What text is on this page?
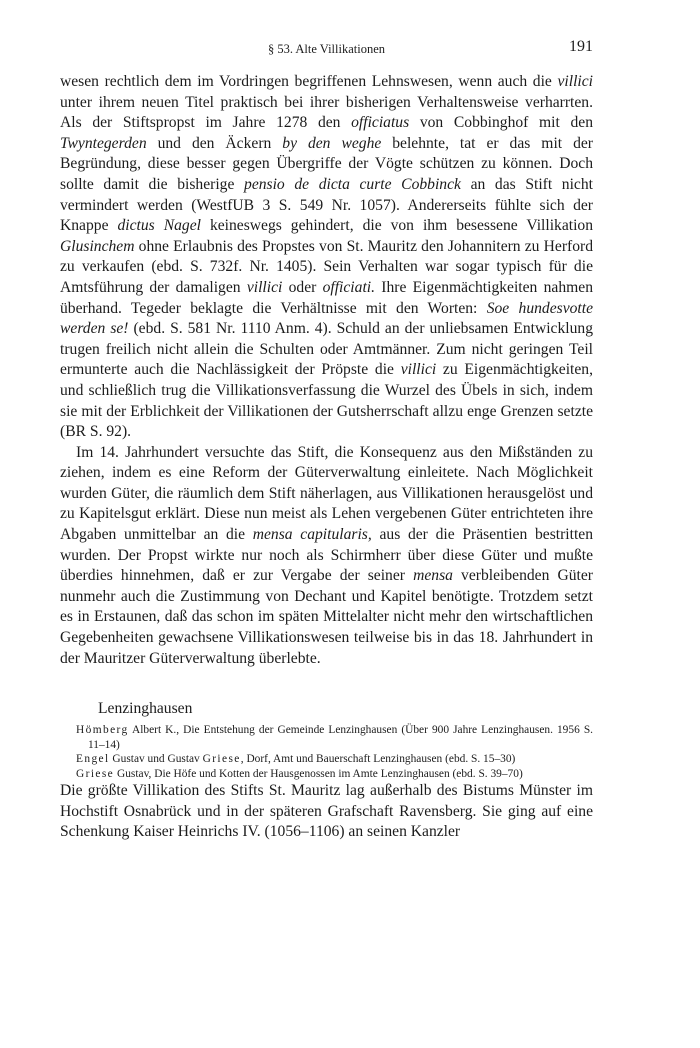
§ 53. Alte Villikationen	191

wesen rechtlich dem im Vordringen begriffenen Lehnswesen, wenn auch die villici unter ihrem neuen Titel praktisch bei ihrer bisherigen Verhaltensweise verharrten. Als der Stiftspropst im Jahre 1278 den officiatus von Cobbinghof mit den Twyntegerden und den Äckern by den weghe belehnte, tat er das mit der Begründung, diese besser gegen Übergriffe der Vögte schützen zu können. Doch sollte damit die bisherige pensio de dicta curte Cobbinck an das Stift nicht vermindert werden (WestfUB 3 S. 549 Nr. 1057). Andererseits fühlte sich der Knappe dictus Nagel keineswegs gehindert, die von ihm besessene Villikation Glusinchem ohne Erlaubnis des Propstes von St. Mauritz den Johannitern zu Herford zu verkaufen (ebd. S. 732f. Nr. 1405). Sein Verhalten war sogar typisch für die Amtsführung der damaligen villici oder officiati. Ihre Eigenmächtigkeiten nahmen überhand. Tegeder beklagte die Verhältnisse mit den Worten: Soe hundesvotte werden se! (ebd. S. 581 Nr. 1110 Anm. 4). Schuld an der unliebsamen Entwicklung trugen freilich nicht allein die Schulten oder Amtmänner. Zum nicht geringen Teil ermunterte auch die Nachlässigkeit der Pröpste die villici zu Eigenmächtigkeiten, und schließlich trug die Villikationsverfassung die Wurzel des Übels in sich, indem sie mit der Erblichkeit der Villikationen der Gutsherrschaft allzu enge Grenzen setzte (BR S. 92).

Im 14. Jahrhundert versuchte das Stift, die Konsequenz aus den Mißständen zu ziehen, indem es eine Reform der Güterverwaltung einleitete. Nach Möglichkeit wurden Güter, die räumlich dem Stift näherlagen, aus Villikationen herausgelöst und zu Kapitelsgut erklärt. Diese nun meist als Lehen vergebenen Güter entrichteten ihre Abgaben unmittelbar an die mensa capitularis, aus der die Präsentien bestritten wurden. Der Propst wirkte nur noch als Schirmherr über diese Güter und mußte überdies hinnehmen, daß er zur Vergabe der seiner mensa verbleibenden Güter nunmehr auch die Zustimmung von Dechant und Kapitel benötigte. Trotzdem setzt es in Erstaunen, daß das schon im späten Mittelalter nicht mehr den wirtschaftlichen Gegebenheiten gewachsene Villikationswesen teilweise bis in das 18. Jahrhundert in der Mauritzer Güterverwaltung überlebte.

Lenzinghausen
Hömberg Albert K., Die Entstehung der Gemeinde Lenzinghausen (Über 900 Jahre Lenzinghausen. 1956 S. 11–14)
Engel Gustav und Gustav Griese, Dorf, Amt und Bauerschaft Lenzinghausen (ebd. S. 15–30)
Griese Gustav, Die Höfe und Kotten der Hausgenossen im Amte Lenzinghausen (ebd. S. 39–70)

Die größte Villikation des Stifts St. Mauritz lag außerhalb des Bistums Münster im Hochstift Osnabrück und in der späteren Grafschaft Ravensberg. Sie ging auf eine Schenkung Kaiser Heinrichs IV. (1056–1106) an seinen Kanzler
